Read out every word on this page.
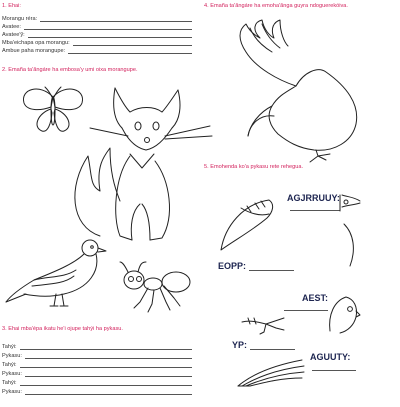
1. Ehai:
Morangu réra:
Avatee:
Avatee'ỹ:
Mba'eichapa opa morangu:
Ambue paha morangupe:
2. Emaña ta'ãngáre ha embosa'y umi oixa morangupe.
3. Ehai mba'épa ikatu he'i ojupe tahýi ha pykasu.
Tahýi:
Pykasu:
Tahýi:
Pykasu:
Tahýi:
Pykasu:
4. Emaña ta'ãngáre ha emoha'ãnga guyra ndoguerekóiva.
5. Emohenda ko'a pykasu rete reheguа.
AGJRRUUY:
EOPP:
AEST:
YP:
AGUUTY:
